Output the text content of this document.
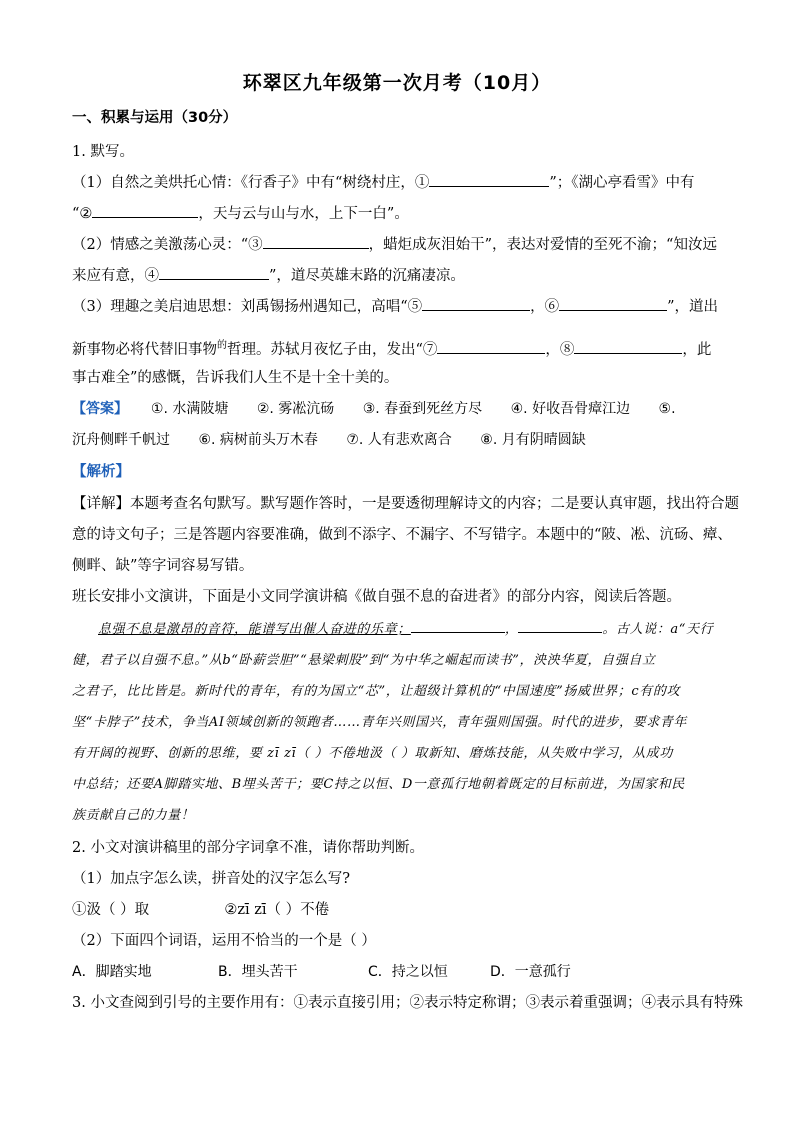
环翠区九年级第一次月考（10月）
一、积累与运用（30分）
1. 默写。
（1）自然之美烘托心情：《行香子》中有“树绕村庄，①	”；《湖心亭看雪》中有
“②	，天与云与山与水，上下一白”。
（2）情感之美激荡心灵：“③	，蜡炬成灰泪始干”，表达对爱情的至死不渝；“知汝远
来应有意，④	”，道尽英雄末路的沉痛凄凉。
（3）理趣之美启迪思想：刘禹锡扬州遇知己，高唱“⑤	，⑥	”，道出
新事物必将代替旧事物$^的$哲理。苏轼月夜忆子由，发出“⑦	，⑧	，此
事古难全”的感慨，告诉我们人生不是十全十美的。
【答案】 ①. 水满陂塘 ②. 雾凇沆砀 ③. 春蚕到死丝方尽 ④. 好收吾骨瘴江边 ⑤.
沉舟侧畔千帆过 ⑥. 病树前头万木春 ⑦. 人有悲欢离合 ⑧. 月有阴晴圆缺
【解析】
【详解】本题考查名句默写。默写题作答时，一是要透彻理解诗文的内容；二是要认真审题，找出符合题
意的诗文句子；三是答题内容要准确，做到不添字、不漏字、不写错字。本题中的“陂、凇、沆砀、瘴、
侧畔、缺”等字词容易写错。
班长安排小文演讲，下面是小文同学演讲稿《做自强不息的奋进者》的部分内容，阅读后答题。
息强不息是激昂的音符，能谱写出催人奋进的乐章；	，	。古人说：a“天行
健，君子以自强不息。”从b“卧薪尝胆”“悬梁刺股”到“为中华之崛起而读书”，泱泱华夏，自强自立
之君子，比比皆是。新时代的青年，有的为国立“芯”，让超级计算机的“中国速度”扬威世界；c有的攻
坚“卡脖子”技术，争当AI领域创新的领跑者……青年兴则国兴，青年强则国强。时代的进步，要求青年
有开阔的视野、创新的思维，要 zī zī（ ）不倦地汲（ ）取新知、磨炼技能，从失败中学习，从成功
中总结；还要A脚踏实地、B埋头苦干；要C持之以恒、D一意孤行地朝着既定的目标前进，为国家和民
族贡献自己的力量！
2. 小文对演讲稿里的部分字词拿不准，请你帮助判断。
（1）加点字怎么读，拼音处的汉字怎么写?
①汲（ ）取	②zī zī（ ）不倦
（2）下面四个词语，运用不恰当的一个是（ ）
A．脚踏实地	B．埋头苦干	C．持之以恒	D．一意孤行
3. 小文查阅到引号的主要作用有：①表示直接引用；②表示特定称谓；③表示着重强调；④表示具有特殊
